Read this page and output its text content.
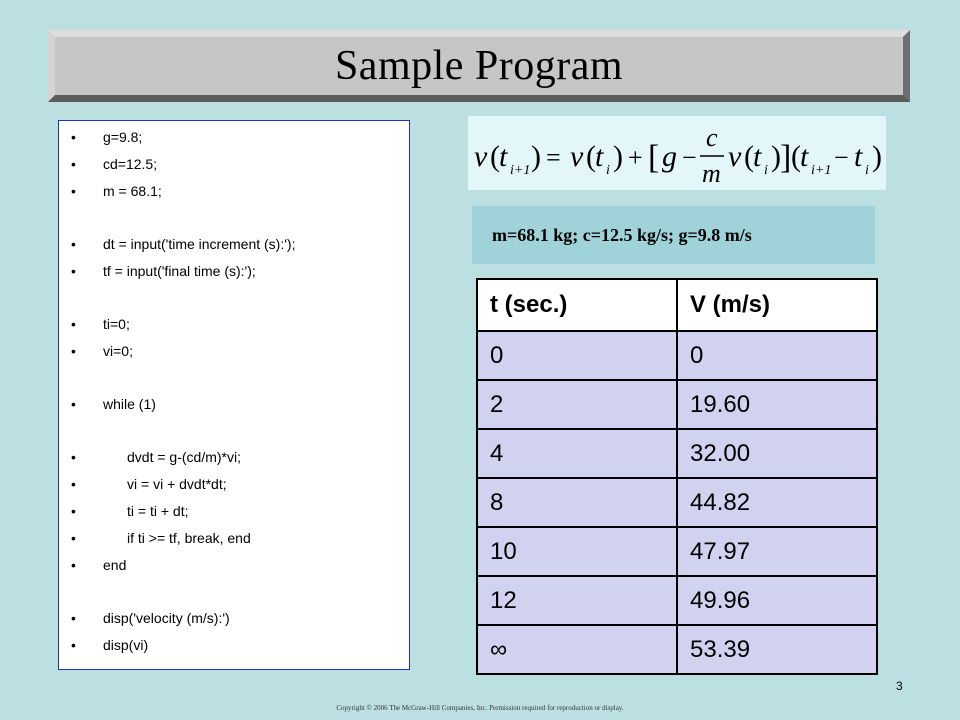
Sample Program
• g=9.8;
• cd=12.5;
• m = 68.1;
• dt = input('time increment (s):');
• tf = input('final time (s):');
• ti=0;
• vi=0;
• while (1)
•	dvdt = g-(cd/m)*vi;
•	vi = vi + dvdt*dt;
•	ti = ti + dt;
•	if ti >= tf, break, end
• end
• disp('velocity (m/s):')
• disp(vi)
v ( t i+1 ) = v ( t i ) + [ g −
c
m
v ( t i ) ] ( t i+1 − t i )
m=68.1 kg; c=12.5 kg/s; g=9.8 m/s
t (sec.)	V (m/s)
0	0
2	19.60
4	32.00
8	44.82
10	47.97
12	49.96
∞	53.39
3
Copyright © 2006 The McGraw-Hill Companies, Inc. Permission required for reproduction or display.
